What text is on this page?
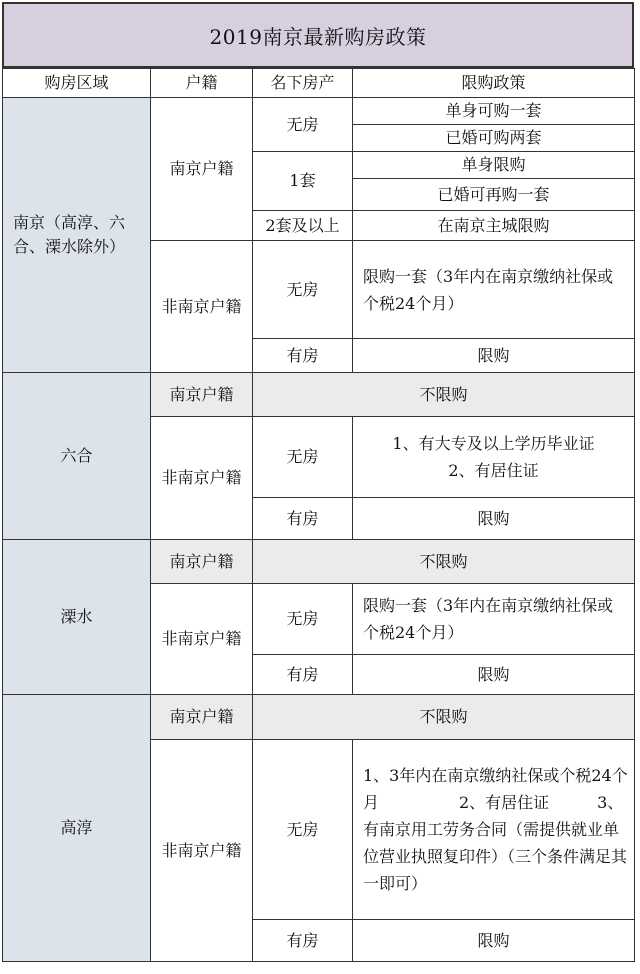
2019南京最新购房政策
购房区域	户籍	名下房产	限购政策
南京（高淳、六合、溧水除外）	南京户籍	无房	单身可购一套
			已婚可购两套
		1套	单身限购
			已婚可再购一套
		2套及以上	在南京主城限购
	非南京户籍	无房	限购一套（3年内在南京缴纳社保或个税24个月）
		有房	限购

六合	南京户籍	不限购	
	非南京户籍	无房	1、有大专及以上学历毕业证
2、有居住证

		有房	限购
溧水	南京户籍	不限购	
	非南京户籍	无房	限购一套（3年内在南京缴纳社保或个税24个月）
		有房	限购
高淳	南京户籍	不限购	
	非南京户籍	无房	1、3年内在南京缴纳社保或个税24个月　　　　　2、有居住证　　　3、有南京用工劳务合同（需提供就业单位营业执照复印件）（三个条件满足其一即可）
		有房	限购
